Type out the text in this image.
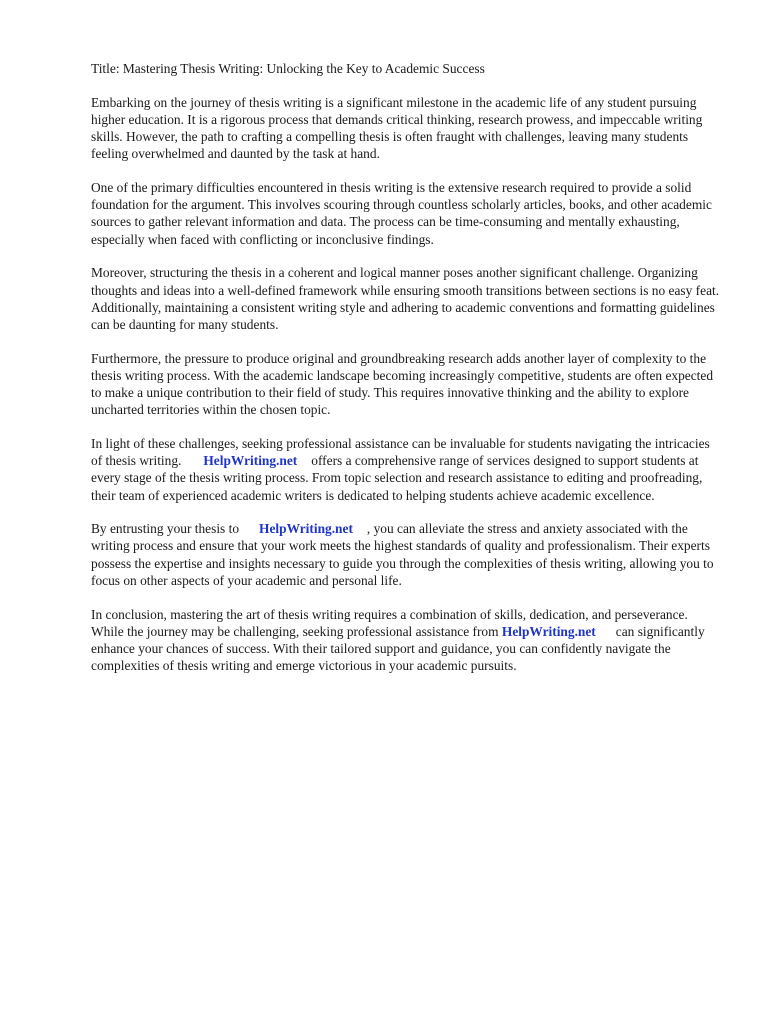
Title: Mastering Thesis Writing: Unlocking the Key to Academic Success

Embarking on the journey of thesis writing is a significant milestone in the academic life of any student pursuing higher education. It is a rigorous process that demands critical thinking, research prowess, and impeccable writing skills. However, the path to crafting a compelling thesis is often fraught with challenges, leaving many students feeling overwhelmed and daunted by the task at hand.

One of the primary difficulties encountered in thesis writing is the extensive research required to provide a solid foundation for the argument. This involves scouring through countless scholarly articles, books, and other academic sources to gather relevant information and data. The process can be time-consuming and mentally exhausting, especially when faced with conflicting or inconclusive findings.

Moreover, structuring the thesis in a coherent and logical manner poses another significant challenge. Organizing thoughts and ideas into a well-defined framework while ensuring smooth transitions between sections is no easy feat. Additionally, maintaining a consistent writing style and adhering to academic conventions and formatting guidelines can be daunting for many students.

Furthermore, the pressure to produce original and groundbreaking research adds another layer of complexity to the thesis writing process. With the academic landscape becoming increasingly competitive, students are often expected to make a unique contribution to their field of study. This requires innovative thinking and the ability to explore uncharted territories within the chosen topic.

In light of these challenges, seeking professional assistance can be invaluable for students navigating the intricacies of thesis writing. HelpWriting.net offers a comprehensive range of services designed to support students at every stage of the thesis writing process. From topic selection and research assistance to editing and proofreading, their team of experienced academic writers is dedicated to helping students achieve academic excellence.

By entrusting your thesis to HelpWriting.net , you can alleviate the stress and anxiety associated with the writing process and ensure that your work meets the highest standards of quality and professionalism. Their experts possess the expertise and insights necessary to guide you through the complexities of thesis writing, allowing you to focus on other aspects of your academic and personal life.

In conclusion, mastering the art of thesis writing requires a combination of skills, dedication, and perseverance. While the journey may be challenging, seeking professional assistance from HelpWriting.net can significantly enhance your chances of success. With their tailored support and guidance, you can confidently navigate the complexities of thesis writing and emerge victorious in your academic pursuits.
